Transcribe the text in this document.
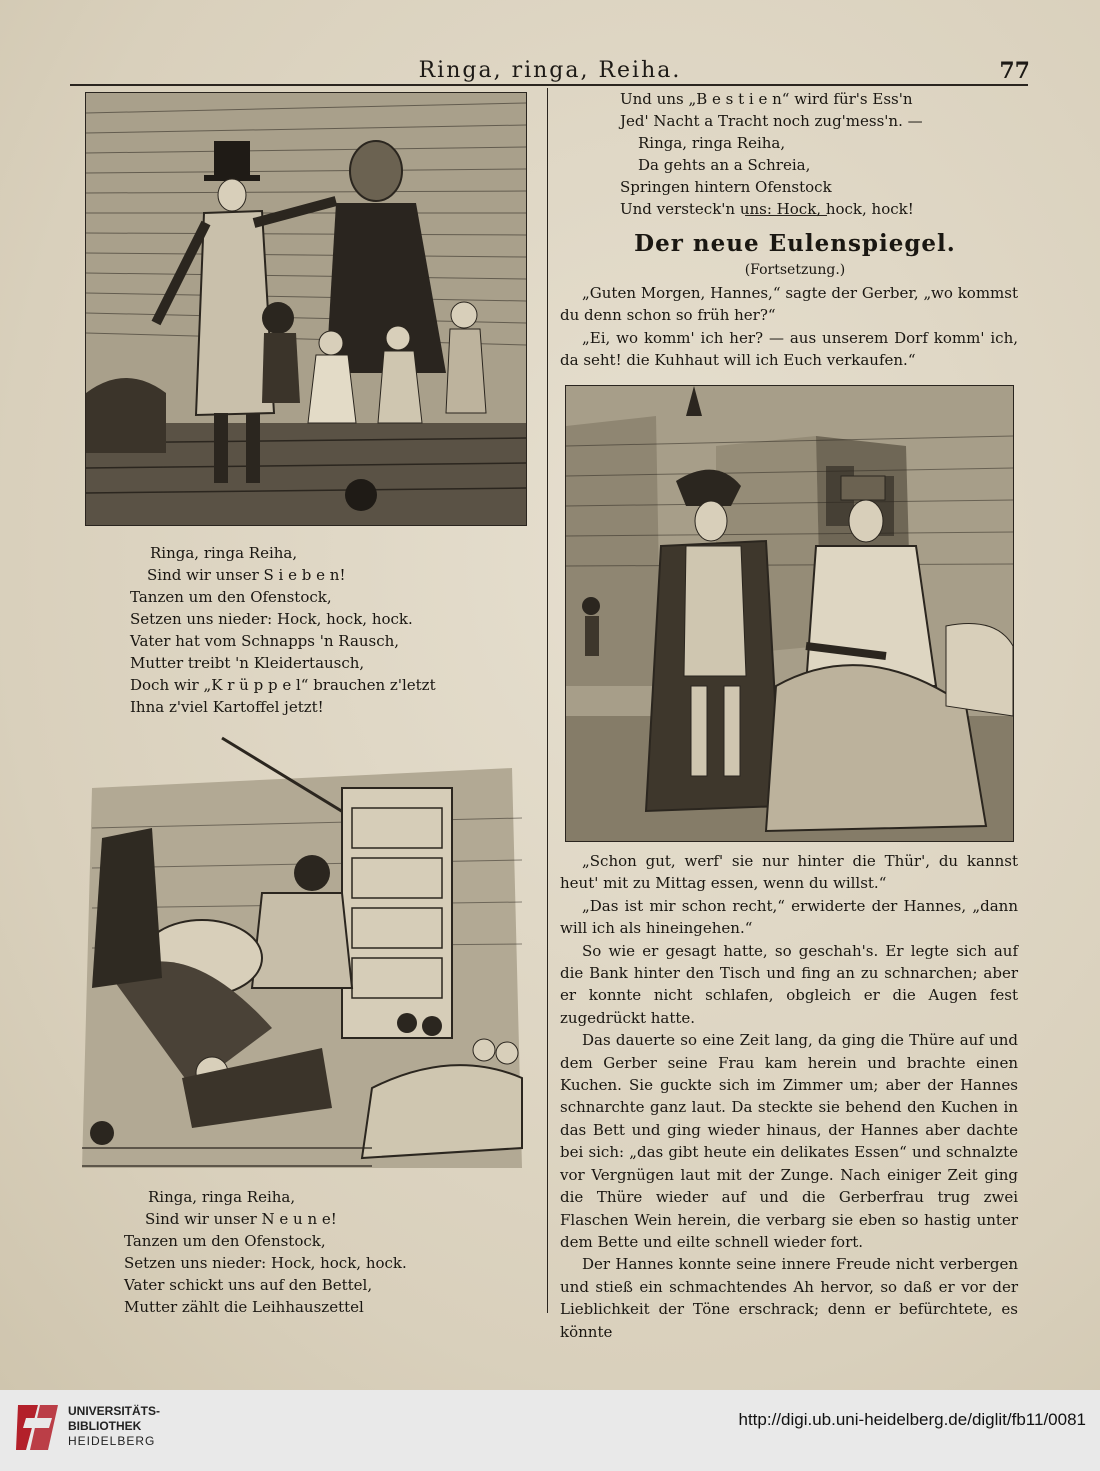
Ringa, ringa, Reiha.	77
Ringa, ringa Reiha,
Sind wir unser S i e b e n!
Tanzen um den Ofenstock,
Setzen uns nieder: Hock, hock, hock.
Vater hat vom Schnapps 'n Rausch,
Mutter treibt 'n Kleidertausch,
Doch wir „K r ü p p e l“ brauchen z'letzt
Ihna z'viel Kartoffel jetzt!
Ringa, ringa Reiha,
Sind wir unser N e u n e!
Tanzen um den Ofenstock,
Setzen uns nieder: Hock, hock, hock.
Vater schickt uns auf den Bettel,
Mutter zählt die Leihhauszettel
Und uns „B e s t i e n“ wird für's Ess'n
Jed' Nacht a Tracht noch zug'mess'n. —
Ringa, ringa Reiha,
Da gehts an a Schreia,
Springen hintern Ofenstock
Und versteck'n uns: Hock, hock, hock!
Der neue Eulenspiegel.
(Fortsetzung.)

„Guten Morgen, Hannes,“ sagte der Gerber, „wo kommst du denn schon so früh her?“

„Ei, wo komm' ich her? — aus unserem Dorf komm' ich, da seht! die Kuhhaut will ich Euch verkaufen.“

„Schon gut, werf' sie nur hinter die Thür', du kannst heut' mit zu Mittag essen, wenn du willst.“

„Das ist mir schon recht,“ erwiderte der Hannes, „dann will ich als hineingehen.“

So wie er gesagt hatte, so geschah's. Er legte sich auf die Bank hinter den Tisch und fing an zu schnarchen; aber er konnte nicht schlafen, obgleich er die Augen fest zugedrückt hatte.

Das dauerte so eine Zeit lang, da ging die Thüre auf und dem Gerber seine Frau kam herein und brachte einen Kuchen. Sie guckte sich im Zimmer um; aber der Hannes schnarchte ganz laut. Da steckte sie behend den Kuchen in das Bett und ging wieder hinaus, der Hannes aber dachte bei sich: „das gibt heute ein delikates Essen“ und schnalzte vor Vergnügen laut mit der Zunge. Nach einiger Zeit ging die Thüre wieder auf und die Gerberfrau trug zwei Flaschen Wein herein, die verbarg sie eben so hastig unter dem Bette und eilte schnell wieder fort.

Der Hannes konnte seine innere Freude nicht verbergen und stieß ein schmachtendes Ah hervor, so daß er vor der Lieblichkeit der Töne erschrack; denn er befürchtete, es könnte

UNIVERSITÄTS-
BIBLIOTHEK
HEIDELBERG
http://digi.ub.uni-heidelberg.de/diglit/fb11/0081
